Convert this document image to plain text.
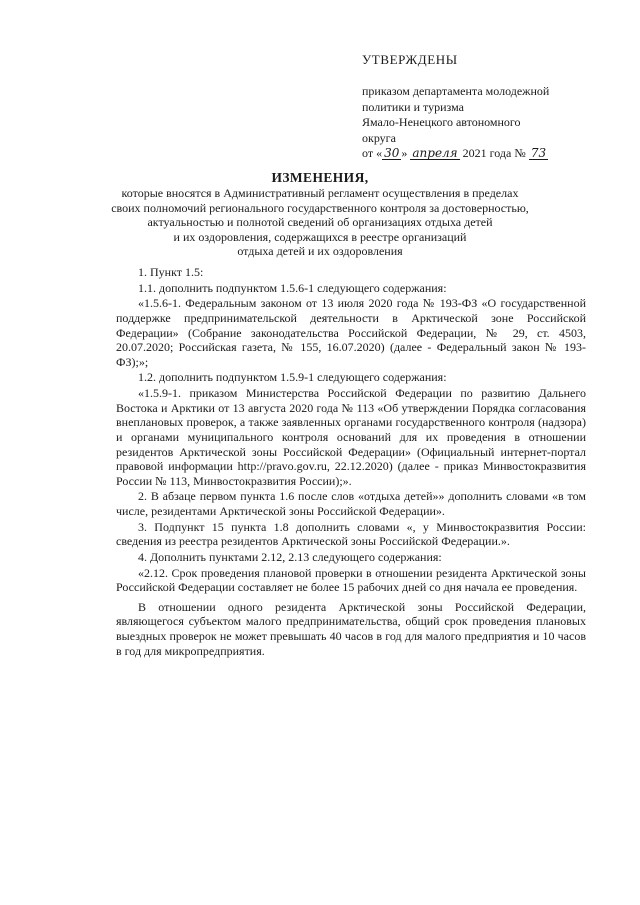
УТВЕРЖДЕНЫ
приказом департамента молодежной
политики и туризма
Ямало-Ненецкого автономного
округа
от « 30 » апреля 2021 года № 73
ИЗМЕНЕНИЯ,
которые вносятся в Административный регламент осуществления в пределах
своих полномочий регионального государственного контроля за достоверностью,
актуальностью и полнотой сведений об организациях отдыха детей
и их оздоровления, содержащихся в реестре организаций
отдыха детей и их оздоровления

1. Пункт 1.5:

1.1. дополнить подпунктом 1.5.6-1 следующего содержания:

«1.5.6-1. Федеральным законом от 13 июля 2020 года № 193-ФЗ «О государственной поддержке предпринимательской деятельности в Арктической зоне Российской Федерации» (Собрание законодательства Российской Федерации, № 29, ст. 4503, 20.07.2020; Российская газета, № 155, 16.07.2020) (далее - Федеральный закон № 193-ФЗ);»;

1.2. дополнить подпунктом 1.5.9-1 следующего содержания:

«1.5.9-1. приказом Министерства Российской Федерации по развитию Дальнего Востока и Арктики от 13 августа 2020 года № 113 «Об утверждении Порядка согласования внеплановых проверок, а также заявленных органами государственного контроля (надзора) и органами муниципального контроля оснований для их проведения в отношении резидентов Арктической зоны Российской Федерации» (Официальный интернет-портал правовой информации http://pravo.gov.ru, 22.12.2020) (далее - приказ Минвостокразвития России № 113, Минвостокразвития России);».

2. В абзаце первом пункта 1.6 после слов «отдыха детей»» дополнить словами «в том числе, резидентами Арктической зоны Российской Федерации».

3. Подпункт 15 пункта 1.8 дополнить словами «, у Минвостокразвития России: сведения из реестра резидентов Арктической зоны Российской Федерации.».

4. Дополнить пунктами 2.12, 2.13 следующего содержания:

«2.12. Срок проведения плановой проверки в отношении резидента Арктической зоны Российской Федерации составляет не более 15 рабочих дней со дня начала ее проведения.

В отношении одного резидента Арктической зоны Российской Федерации, являющегося субъектом малого предпринимательства, общий срок проведения плановых выездных проверок не может превышать 40 часов в год для малого предприятия и 10 часов в год для микропредприятия.
